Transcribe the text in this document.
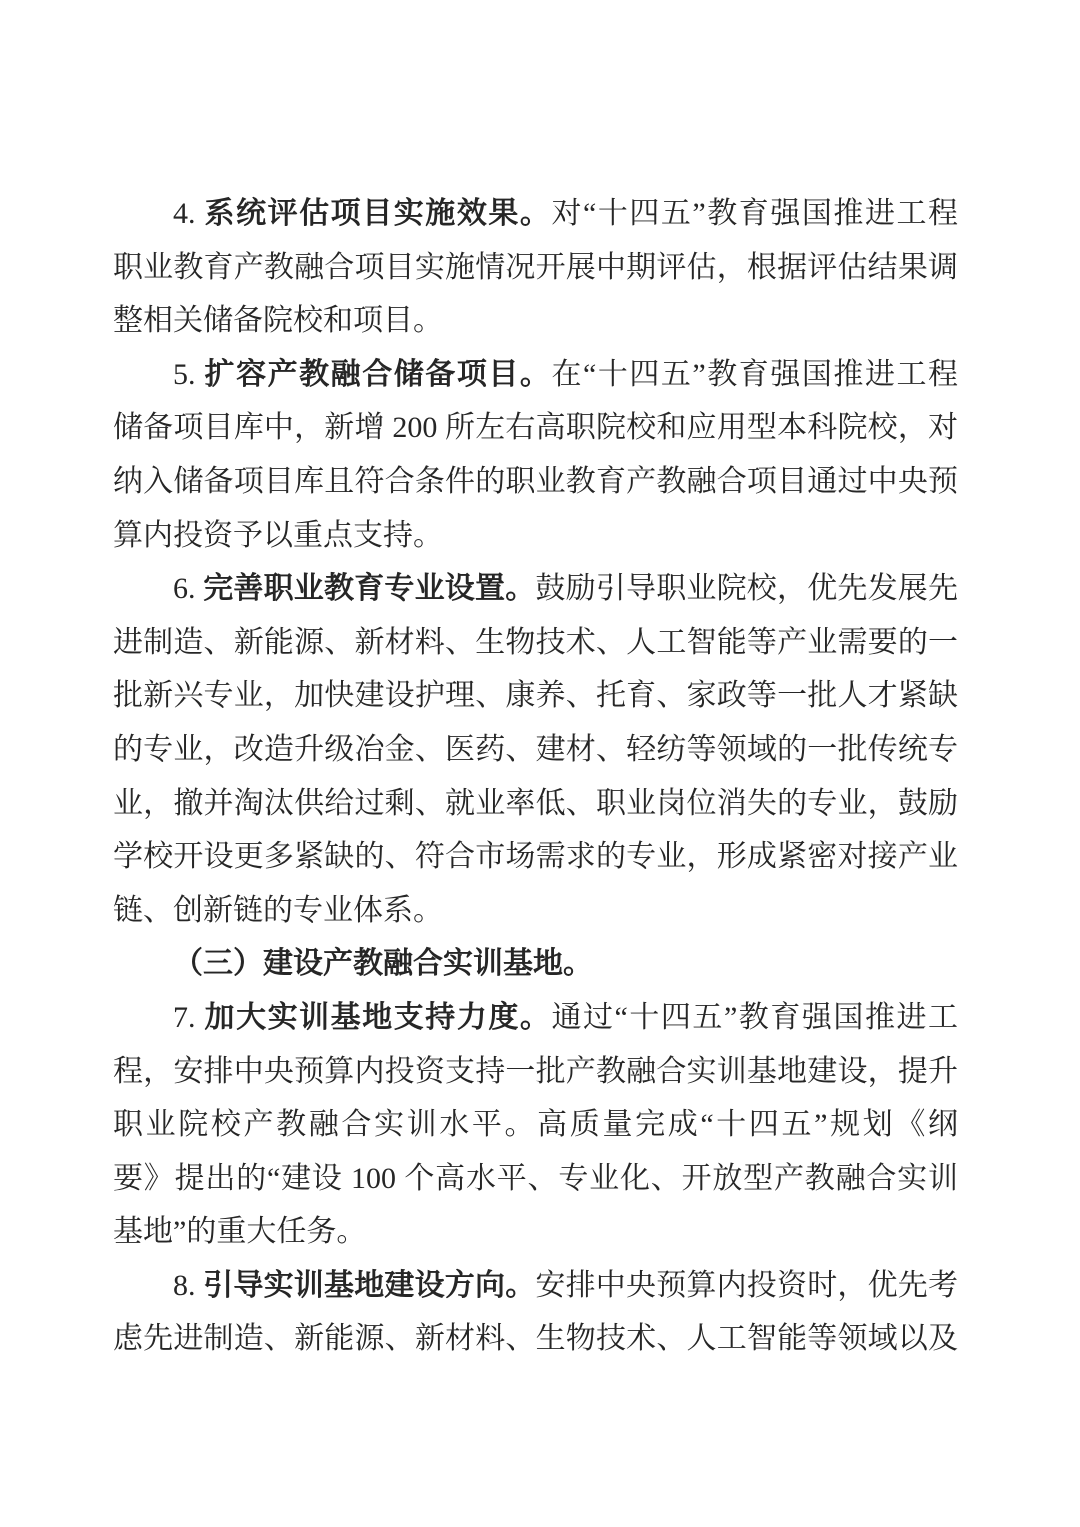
4. 系统评估项目实施效果。对“十四五”教育强国推进工程
职业教育产教融合项目实施情况开展中期评估，根据评估结果调
整相关储备院校和项目。
5. 扩容产教融合储备项目。在“十四五”教育强国推进工程
储备项目库中，新增 200 所左右高职院校和应用型本科院校，对
纳入储备项目库且符合条件的职业教育产教融合项目通过中央预
算内投资予以重点支持。
6. 完善职业教育专业设置。鼓励引导职业院校，优先发展先
进制造、新能源、新材料、生物技术、人工智能等产业需要的一
批新兴专业，加快建设护理、康养、托育、家政等一批人才紧缺
的专业，改造升级冶金、医药、建材、轻纺等领域的一批传统专
业，撤并淘汰供给过剩、就业率低、职业岗位消失的专业，鼓励
学校开设更多紧缺的、符合市场需求的专业，形成紧密对接产业
链、创新链的专业体系。
（三）建设产教融合实训基地。
7. 加大实训基地支持力度。通过“十四五”教育强国推进工
程，安排中央预算内投资支持一批产教融合实训基地建设，提升
职业院校产教融合实训水平。高质量完成“十四五”规划《纲
要》提出的“建设 100 个高水平、专业化、开放型产教融合实训
基地”的重大任务。
8. 引导实训基地建设方向。安排中央预算内投资时，优先考
虑先进制造、新能源、新材料、生物技术、人工智能等领域以及
